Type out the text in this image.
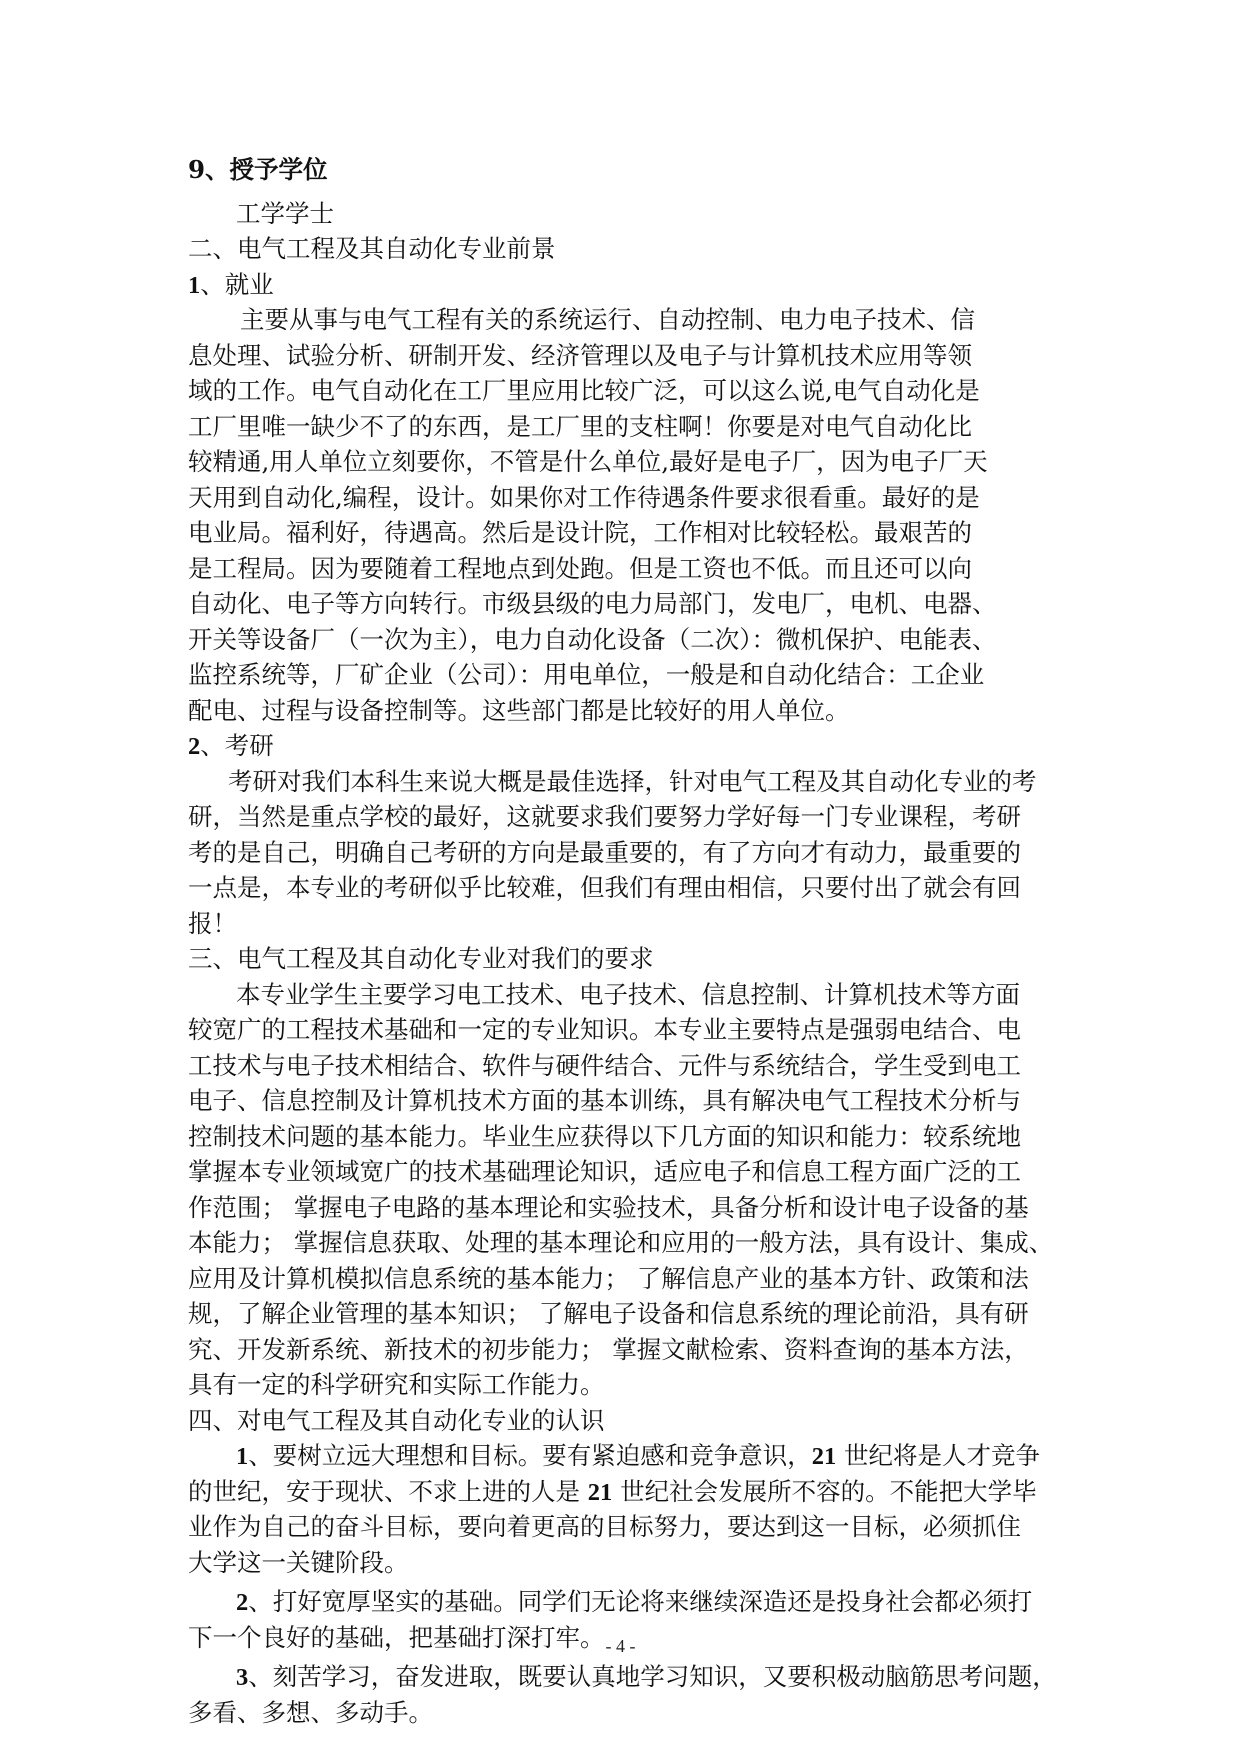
9、授予学位
工学学士
二、电气工程及其自动化专业前景
1、就业
主要从事与电气工程有关的系统运行、自动控制、电力电子技术、信
息处理、试验分析、研制开发、经济管理以及电子与计算机技术应用等领
域的工作。电气自动化在工厂里应用比较广泛，可以这么说,电气自动化是
工厂里唯一缺少不了的东西，是工厂里的支柱啊！你要是对电气自动化比
较精通,用人单位立刻要你，不管是什么单位,最好是电子厂，因为电子厂天
天用到自动化,编程，设计。如果你对工作待遇条件要求很看重。最好的是
电业局。福利好，待遇高。然后是设计院，工作相对比较轻松。最艰苦的
是工程局。因为要随着工程地点到处跑。但是工资也不低。而且还可以向
自动化、电子等方向转行。市级县级的电力局部门，发电厂，电机、电器、
开关等设备厂（一次为主），电力自动化设备（二次）：微机保护、电能表、
监控系统等，厂矿企业（公司）：用电单位，一般是和自动化结合：工企业
配电、过程与设备控制等。这些部门都是比较好的用人单位。
2、考研
考研对我们本科生来说大概是最佳选择，针对电气工程及其自动化专业的考
研，当然是重点学校的最好，这就要求我们要努力学好每一门专业课程，考研
考的是自己，明确自己考研的方向是最重要的，有了方向才有动力，最重要的
一点是，本专业的考研似乎比较难，但我们有理由相信，只要付出了就会有回
报！
三、电气工程及其自动化专业对我们的要求
本专业学生主要学习电工技术、电子技术、信息控制、计算机技术等方面
较宽广的工程技术基础和一定的专业知识。本专业主要特点是强弱电结合、电
工技术与电子技术相结合、软件与硬件结合、元件与系统结合，学生受到电工
电子、信息控制及计算机技术方面的基本训练，具有解决电气工程技术分析与
控制技术问题的基本能力。毕业生应获得以下几方面的知识和能力：较系统地
掌握本专业领域宽广的技术基础理论知识，适应电子和信息工程方面广泛的工
作范围； 掌握电子电路的基本理论和实验技术，具备分析和设计电子设备的基
本能力； 掌握信息获取、处理的基本理论和应用的一般方法，具有设计、集成、
应用及计算机模拟信息系统的基本能力； 了解信息产业的基本方针、政策和法
规，了解企业管理的基本知识； 了解电子设备和信息系统的理论前沿，具有研
究、开发新系统、新技术的初步能力； 掌握文献检索、资料查询的基本方法，
具有一定的科学研究和实际工作能力。
四、对电气工程及其自动化专业的认识
1、要树立远大理想和目标。要有紧迫感和竞争意识，21 世纪将是人才竞争
的世纪，安于现状、不求上进的人是 21 世纪社会发展所不容的。不能把大学毕
业作为自己的奋斗目标，要向着更高的目标努力，要达到这一目标，必须抓住
大学这一关键阶段。
2、打好宽厚坚实的基础。同学们无论将来继续深造还是投身社会都必须打
下一个良好的基础，把基础打深打牢。
3、刻苦学习，奋发进取，既要认真地学习知识，又要积极动脑筋思考问题，
多看、多想、多动手。
- 4 -
